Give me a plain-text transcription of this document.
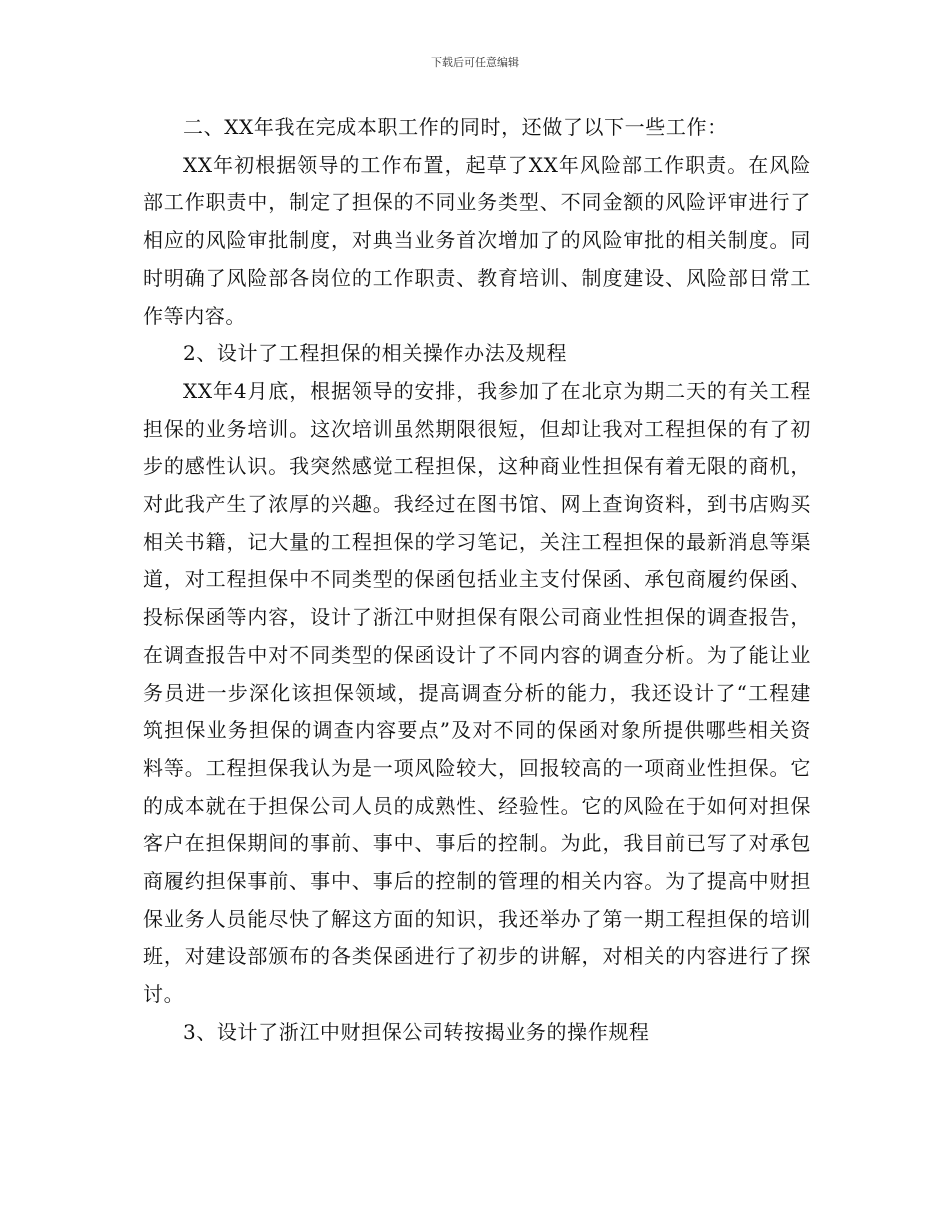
下载后可任意编辑

二、XX年我在完成本职工作的同时，还做了以下一些工作：

XX年初根据领导的工作布置，起草了XX年风险部工作职责。在风险部工作职责中，制定了担保的不同业务类型、不同金额的风险评审进行了相应的风险审批制度，对典当业务首次增加了的风险审批的相关制度。同时明确了风险部各岗位的工作职责、教育培训、制度建设、风险部日常工作等内容。

2、设计了工程担保的相关操作办法及规程

XX年4月底，根据领导的安排，我参加了在北京为期二天的有关工程担保的业务培训。这次培训虽然期限很短，但却让我对工程担保的有了初步的感性认识。我突然感觉工程担保，这种商业性担保有着无限的商机，对此我产生了浓厚的兴趣。我经过在图书馆、网上查询资料，到书店购买相关书籍，记大量的工程担保的学习笔记，关注工程担保的最新消息等渠道，对工程担保中不同类型的保函包括业主支付保函、承包商履约保函、投标保函等内容，设计了浙江中财担保有限公司商业性担保的调查报告，在调查报告中对不同类型的保函设计了不同内容的调查分析。为了能让业务员进一步深化该担保领域，提高调查分析的能力，我还设计了“工程建筑担保业务担保的调查内容要点”及对不同的保函对象所提供哪些相关资料等。工程担保我认为是一项风险较大，回报较高的一项商业性担保。它的成本就在于担保公司人员的成熟性、经验性。它的风险在于如何对担保客户在担保期间的事前、事中、事后的控制。为此，我目前已写了对承包商履约担保事前、事中、事后的控制的管理的相关内容。为了提高中财担保业务人员能尽快了解这方面的知识，我还举办了第一期工程担保的培训班，对建设部颁布的各类保函进行了初步的讲解，对相关的内容进行了探讨。

3、设计了浙江中财担保公司转按揭业务的操作规程
